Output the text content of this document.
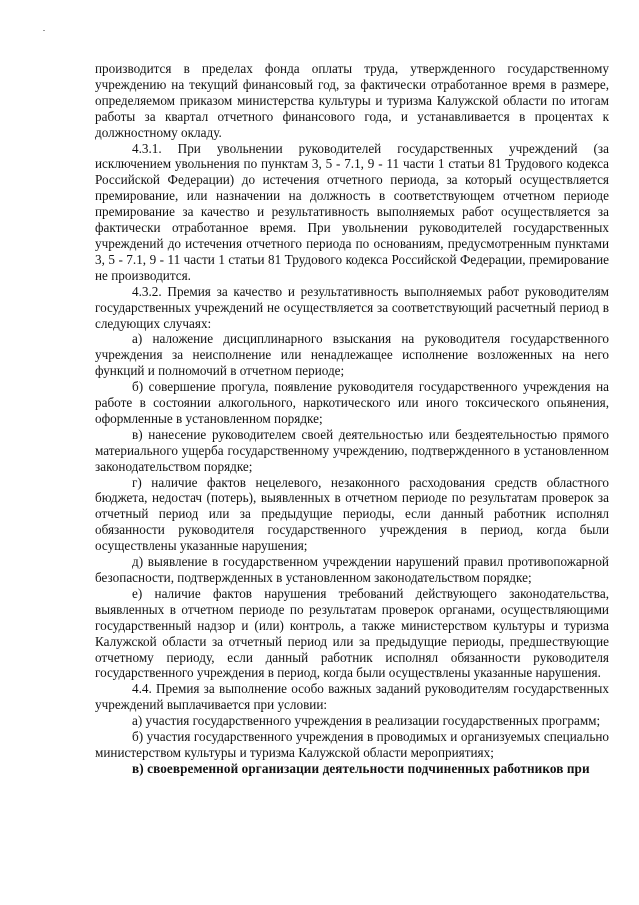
производится в пределах фонда оплаты труда, утвержденного государственному учреждению на текущий финансовый год, за фактически отработанное время в размере, определяемом приказом министерства культуры и туризма Калужской области по итогам работы за квартал отчетного финансового года, и устанавливается в процентах к должностному окладу.

4.3.1. При увольнении руководителей государственных учреждений (за исключением увольнения по пунктам 3, 5 - 7.1, 9 - 11 части 1 статьи 81 Трудового кодекса Российской Федерации) до истечения отчетного периода, за который осуществляется премирование, или назначении на должность в соответствующем отчетном периоде премирование за качество и результативность выполняемых работ осуществляется за фактически отработанное время. При увольнении руководителей государственных учреждений до истечения отчетного периода по основаниям, предусмотренным пунктами 3, 5 - 7.1, 9 - 11 части 1 статьи 81 Трудового кодекса Российской Федерации, премирование не производится.

4.3.2. Премия за качество и результативность выполняемых работ руководителям государственных учреждений не осуществляется за соответствующий расчетный период в следующих случаях:

а) наложение дисциплинарного взыскания на руководителя государственного учреждения за неисполнение или ненадлежащее исполнение возложенных на него функций и полномочий в отчетном периоде;

б) совершение прогула, появление руководителя государственного учреждения на работе в состоянии алкогольного, наркотического или иного токсического опьянения, оформленные в установленном порядке;

в) нанесение руководителем своей деятельностью или бездеятельностью прямого материального ущерба государственному учреждению, подтвержденного в установленном законодательством порядке;

г) наличие фактов нецелевого, незаконного расходования средств областного бюджета, недостач (потерь), выявленных в отчетном периоде по результатам проверок за отчетный период или за предыдущие периоды, если данный работник исполнял обязанности руководителя государственного учреждения в период, когда были осуществлены указанные нарушения;

д) выявление в государственном учреждении нарушений правил противопожарной безопасности, подтвержденных в установленном законодательством порядке;

е) наличие фактов нарушения требований действующего законодательства, выявленных в отчетном периоде по результатам проверок органами, осуществляющими государственный надзор и (или) контроль, а также министерством культуры и туризма Калужской области за отчетный период или за предыдущие периоды, предшествующие отчетному периоду, если данный работник исполнял обязанности руководителя государственного учреждения в период, когда были осуществлены указанные нарушения.

4.4. Премия за выполнение особо важных заданий руководителям государственных учреждений выплачивается при условии:

а) участия государственного учреждения в реализации государственных программ;

б) участия государственного учреждения в проводимых и организуемых специально министерством культуры и туризма Калужской области мероприятиях;

в) своевременной организации деятельности подчиненных работников при
